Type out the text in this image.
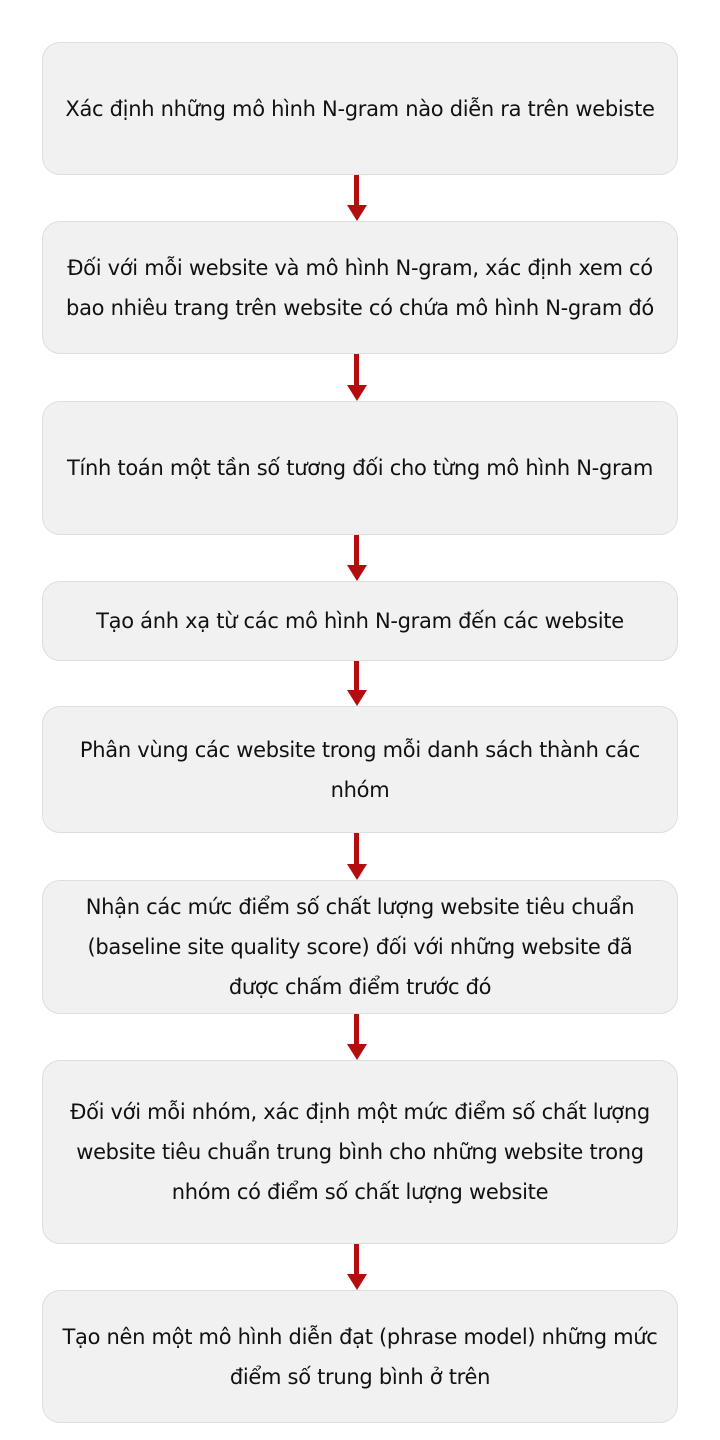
Xác định những mô hình N-gram nào diễn ra trên webiste
Đối với mỗi website và mô hình N-gram, xác định xem có bao nhiêu trang trên website có chứa mô hình N-gram đó
Tính toán một tần số tương đối cho từng mô hình N-gram
Tạo ánh xạ từ các mô hình N-gram đến các website
Phân vùng các website trong mỗi danh sách thành các nhóm
Nhận các mức điểm số chất lượng website tiêu chuẩn (baseline site quality score) đối với những website đã được chấm điểm trước đó
Đối với mỗi nhóm, xác định một mức điểm số chất lượng website tiêu chuẩn trung bình cho những website trong nhóm có điểm số chất lượng website
Tạo nên một mô hình diễn đạt (phrase model) những mức điểm số trung bình ở trên
